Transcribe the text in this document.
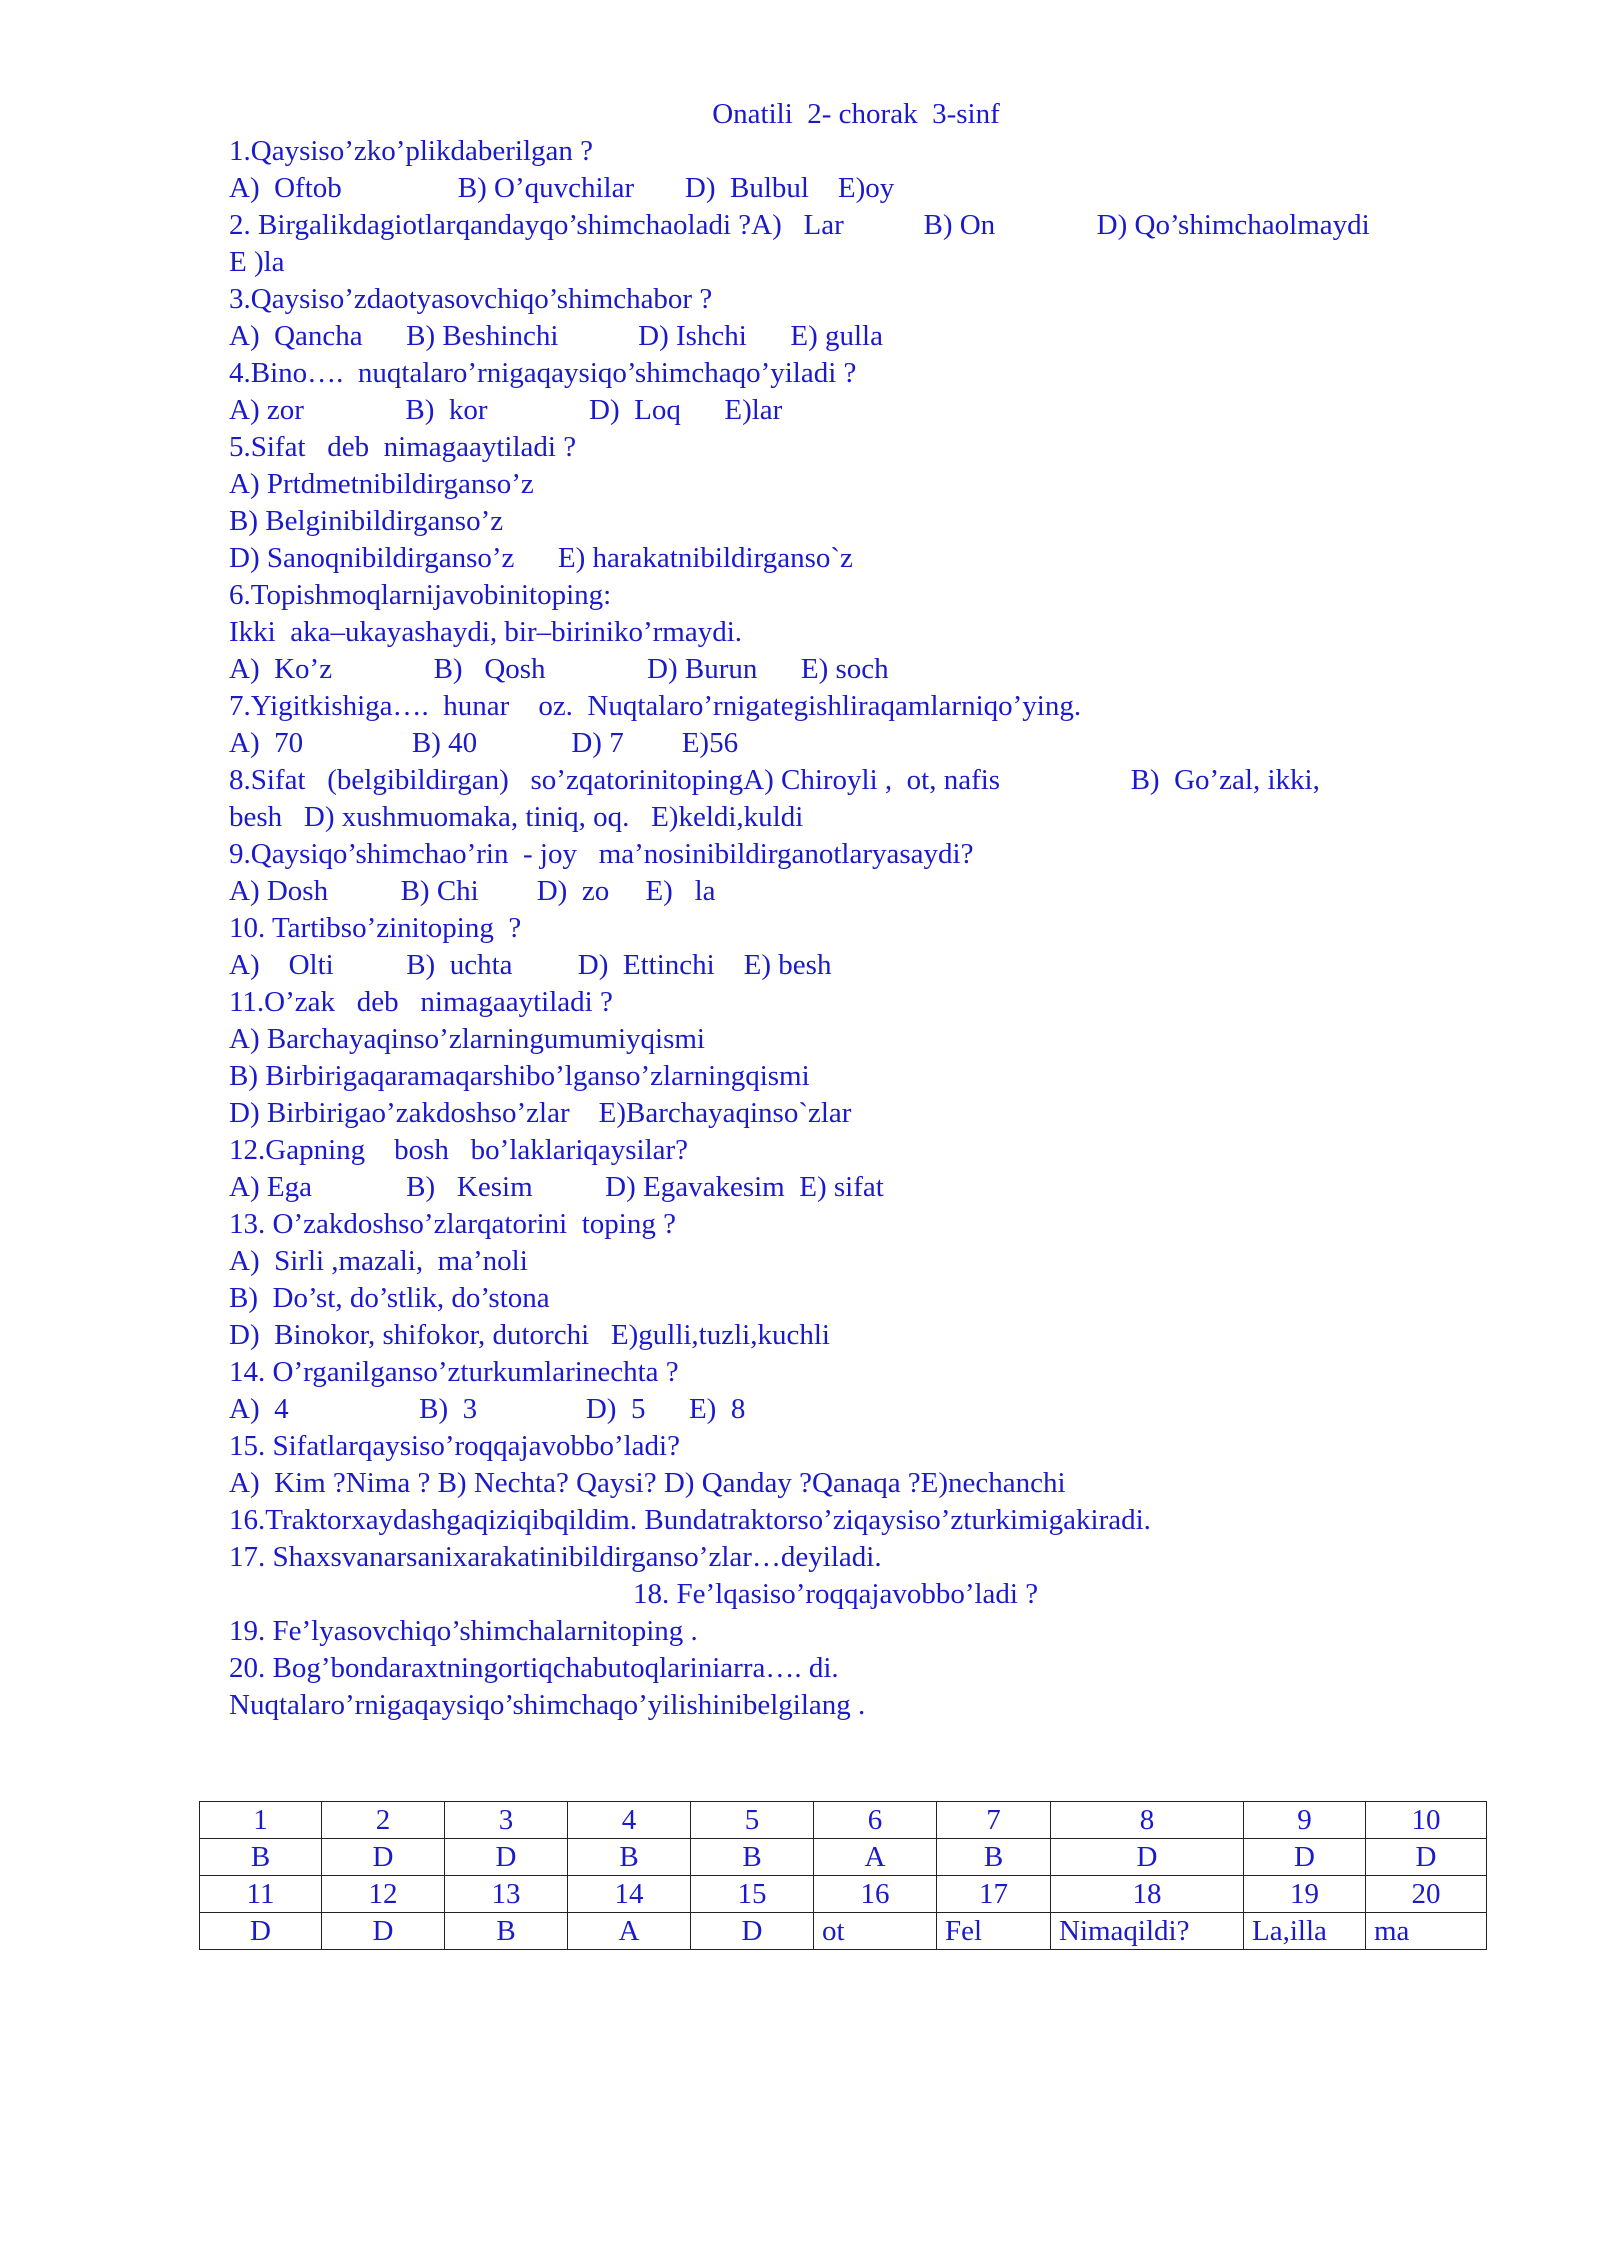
Onatili  2- chorak  3-sinf
1.Qaysiso’zko’plikdaberilgan ?
A)  Oftob                B) O’quvchilar       D)  Bulbul    E)oy
2. Birgalikdagiotlarqandayqo’shimchaoladi ?A)   Lar           B) On              D) Qo’shimchaolmaydi
E )la
3.Qaysiso’zdaotyasovchiqo’shimchabor ?
A)  Qancha      B) Beshinchi           D) Ishchi      E) gulla
4.Bino….  nuqtalaro’rnigaqaysiqo’shimchaqo’yiladi ?
A) zor              B)  kor              D)  Loq      E)lar
5.Sifat   deb  nimagaaytiladi ?
A) Prtdmetnibildirganso’z
B) Belginibildirganso’z
D) Sanoqnibildirganso’z      E) harakatnibildirganso`z
6.Topishmoqlarnijavobinitoping:
Ikki  aka–ukayashaydi, bir–biriniko’rmaydi.
A)  Ko’z              B)   Qosh              D) Burun      E) soch
7.Yigitkishiga….  hunar    oz.  Nuqtalaro’rnigategishliraqamlarniqo’ying.
A)  70               B) 40             D) 7        E)56
8.Sifat   (belgibildirgan)   so’zqatorinitopingA) Chiroyli ,  ot, nafis                  B)  Go’zal, ikki,
besh   D) xushmuomaka, tiniq, oq.   E)keldi,kuldi
9.Qaysiqo’shimchao’rin  - joy   ma’nosinibildirganotlaryasaydi?
A) Dosh          B) Chi        D)  zo     E)   la
10. Tartibso’zinitoping  ?
A)    Olti          B)  uchta         D)  Ettinchi    E) besh
11.O’zak   deb   nimagaaytiladi ?
A) Barchayaqinso’zlarningumumiyqismi
B) Birbirigaqaramaqarshibo’lganso’zlarningqismi
D) Birbirigao’zakdoshso’zlar    E)Barchayaqinso`zlar
12.Gapning    bosh   bo’laklariqaysilar?
A) Ega             B)   Kesim          D) Egavakesim  E) sifat
13. O’zakdoshso’zlarqatorini  toping ?
A)  Sirli ,mazali,  ma’noli
B)  Do’st, do’stlik, do’stona
D)  Binokor, shifokor, dutorchi   E)gulli,tuzli,kuchli
14. O’rganilganso’zturkumlarinechta ?
A)  4                  B)  3               D)  5      E)  8
15. Sifatlarqaysiso’roqqajavobbo’ladi?
A)  Kim ?Nima ? B) Nechta? Qaysi? D) Qanday ?Qanaqa ?E)nechanchi
16.Traktorxaydashgaqiziqibqildim. Bundatraktorso’ziqaysiso’zturkimigakiradi.
17. Shaxsvanarsanixarakatinibildirganso’zlar…deyiladi.
18. Fe’lqasiso’roqqajavobbo’ladi ?
19. Fe’lyasovchiqo’shimchalarnitoping .
20. Bog’bondaraxtningortiqchabutoqlariniarra…. di.
Nuqtalaro’rnigaqaysiqo’shimchaqo’yilishinibelgilang .
1	2	3	4	5	6	7	8	9	10
B	D	D	B	B	A	B	D	D	D
11	12	13	14	15	16	17	18	19	20
D	D	B	A	D	ot	Fel	Nimaqildi?	La,illa	ma
